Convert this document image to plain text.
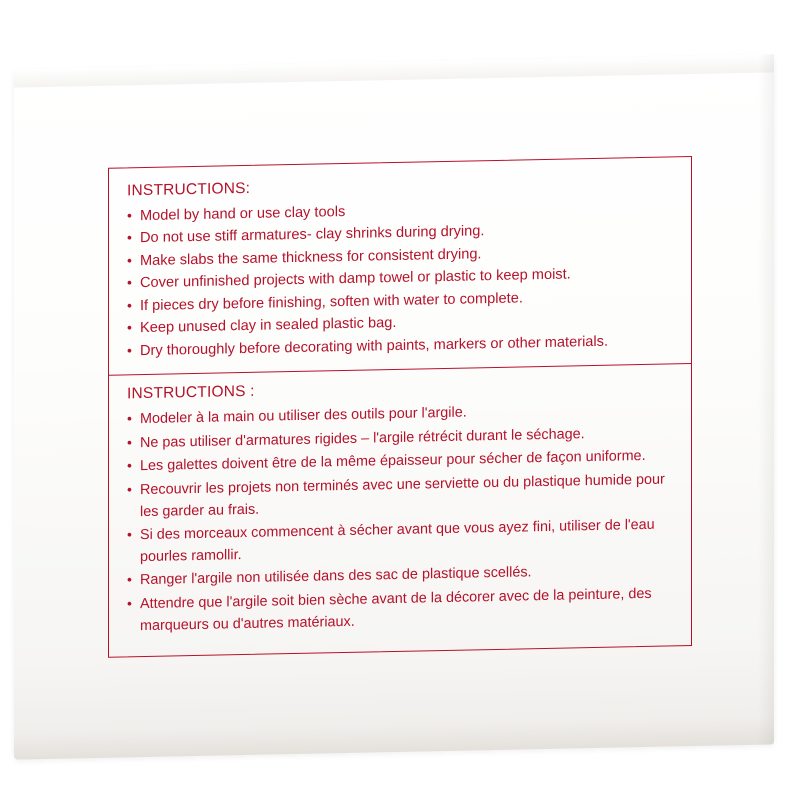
INSTRUCTIONS:

• Model by hand or use clay tools
• Do not use stiff armatures- clay shrinks during drying.
• Make slabs the same thickness for consistent drying.
• Cover unfinished projects with damp towel or plastic to keep moist.
• If pieces dry before finishing, soften with water to complete.
• Keep unused clay in sealed plastic bag.
• Dry thoroughly before decorating with paints, markers or other materials.

INSTRUCTIONS :

• Modeler à la main ou utiliser des outils pour l'argile.
• Ne pas utiliser d'armatures rigides – l'argile rétrécit durant le séchage.
• Les galettes doivent être de la même épaisseur pour sécher de façon uniforme.
• Recouvrir les projets non terminés avec une serviette ou du plastique humide pour les garder au frais.
• Si des morceaux commencent à sécher avant que vous ayez fini, utiliser de l'eau pourles ramollir.
• Ranger l'argile non utilisée dans des sac de plastique scellés.
• Attendre que l'argile soit bien sèche avant de la décorer avec de la peinture, des marqueurs ou d'autres matériaux.
